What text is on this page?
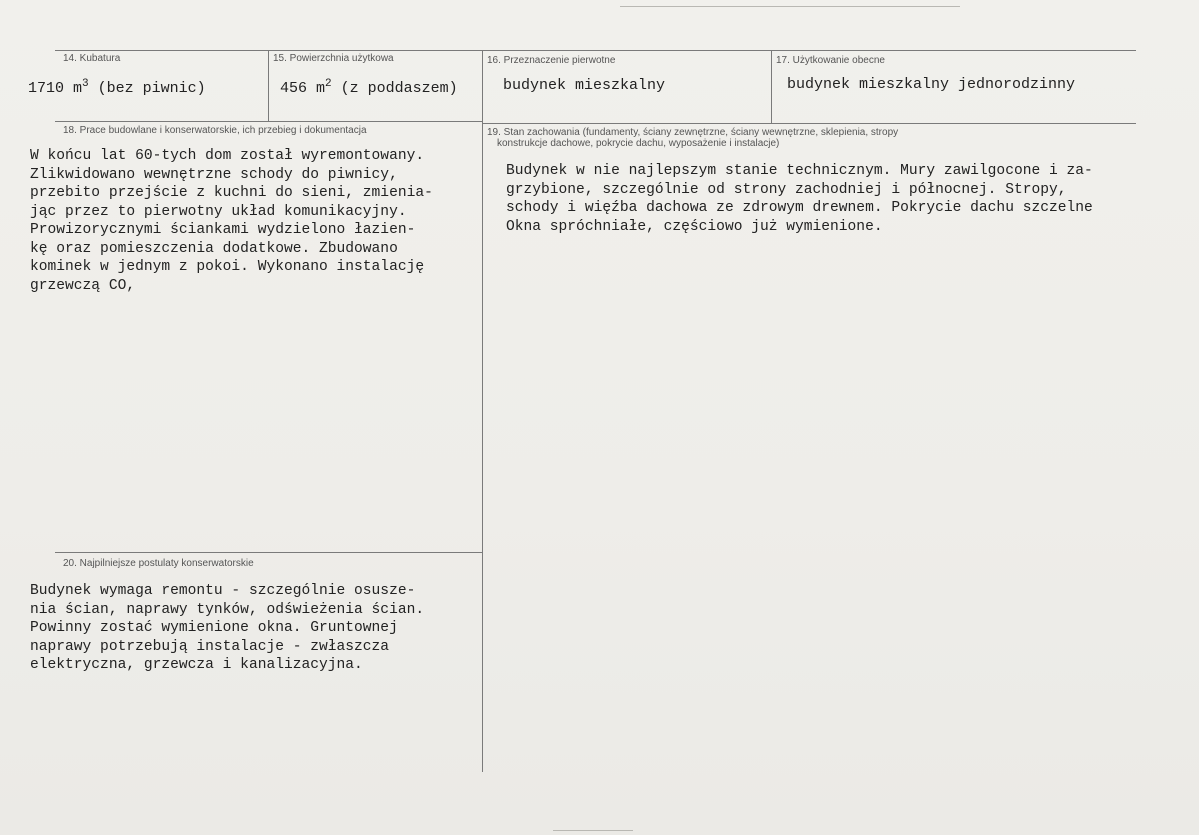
14. Kubatura
1710 $m^3$ (bez piwnic)
15. Powierzchnia użytkowa
456 $m^2$ (z poddaszem)
16. Przeznaczenie pierwotne
budynek mieszkalny
17. Użytkowanie obecne
budynek mieszkalny jednorodzinny
18. Prace budowlane i konserwatorskie, ich przebieg i dokumentacja
W końcu lat 60-tych dom został wyremontowany.
Zlikwidowano wewnętrzne schody do piwnicy,
przebito przejście z kuchni do sieni, zmienia-
jąc przez to pierwotny układ komunikacyjny.
Prowizorycznymi ściankami wydzielono łazien-
kę oraz pomieszczenia dodatkowe. Zbudowano
kominek w jednym z pokoi. Wykonano instalację
grzewczą CO,
19. Stan zachowania (fundamenty, ściany zewnętrzne, ściany wewnętrzne, sklepienia, stropy
konstrukcje dachowe, pokrycie dachu, wyposażenie i instalacje)
Budynek w nie najlepszym stanie technicznym. Mury zawilgocone i za-
grzybione, szczególnie od strony zachodniej i północnej. Stropy,
schody i więźba dachowa ze zdrowym drewnem. Pokrycie dachu szczelne
Okna spróchniałe, częściowo już wymienione.
20. Najpilniejsze postulaty konserwatorskie
Budynek wymaga remontu - szczególnie osusze-
nia ścian, naprawy tynków, odświeżenia ścian.
Powinny zostać wymienione okna. Gruntownej
naprawy potrzebują instalacje - zwłaszcza
elektryczna, grzewcza i kanalizacyjna.
